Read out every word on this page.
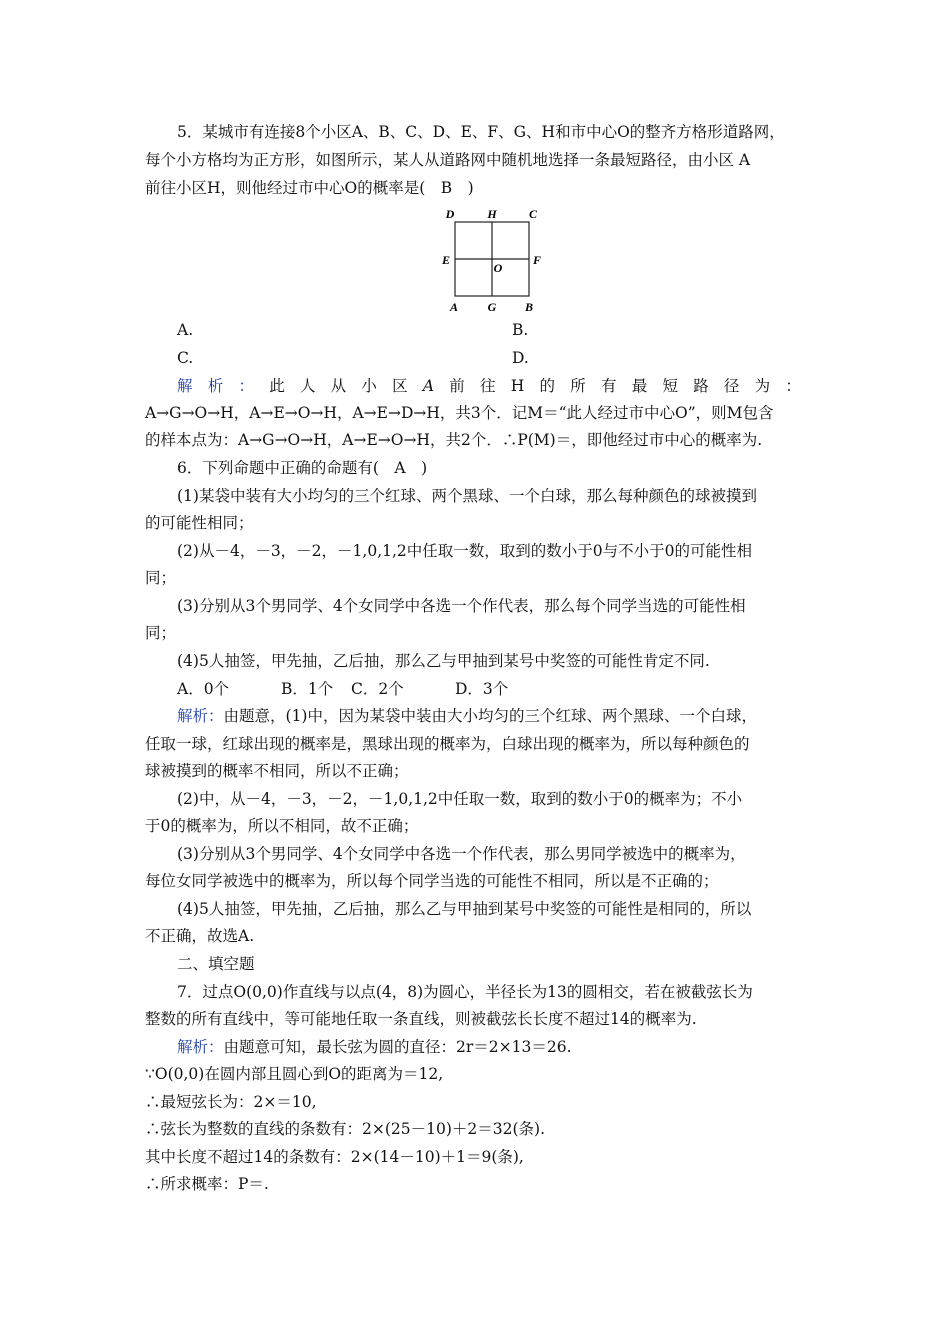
5．某城市有连接8个小区A、B、C、D、E、F、G、H和市中心O的整齐方格形道路网，
每个小方格均为正方形，如图所示，某人从道路网中随机地选择一条最短路径，由小区 A
前往小区H，则他经过市中心O的概率是(　B　)
D	H	C
E
O
F
A G B
A.	B.
C.	D.
解 析 ： 此 人 从 小 区 A 前 往 H 的 所 有 最 短 路 径 为 ：
A→G→O→H，A→E→O→H，A→E→D→H，共3个．记M＝“此人经过市中心O”，则M包含
的样本点为：A→G→O→H，A→E→O→H，共2个．∴P(M)＝，即他经过市中心的概率为.
6．下列命题中正确的命题有(　A　)
(1)某袋中装有大小均匀的三个红球、两个黑球、一个白球，那么每种颜色的球被摸到
的可能性相同；
(2)从－4，－3，－2，－1,0,1,2中任取一数，取到的数小于0与不小于0的可能性相
同；
(3)分别从3个男同学、4个女同学中各选一个作代表，那么每个同学当选的可能性相
同；
(4)5人抽签，甲先抽，乙后抽，那么乙与甲抽到某号中奖签的可能性肯定不同.
A．0个	B．1个 C．2个	D．3个
解析：由题意，(1)中，因为某袋中装由大小均匀的三个红球、两个黑球、一个白球，
任取一球，红球出现的概率是，黑球出现的概率为，白球出现的概率为，所以每种颜色的
球被摸到的概率不相同，所以不正确；
(2)中，从－4，－3，－2，－1,0,1,2中任取一数，取到的数小于0的概率为；不小
于0的概率为，所以不相同，故不正确；
(3)分别从3个男同学、4个女同学中各选一个作代表，那么男同学被选中的概率为，
每位女同学被选中的概率为，所以每个同学当选的可能性不相同，所以是不正确的；
(4)5人抽签，甲先抽，乙后抽，那么乙与甲抽到某号中奖签的可能性是相同的，所以
不正确，故选A.
二、填空题
7．过点O(0,0)作直线与以点(4，8)为圆心，半径长为13的圆相交，若在被截弦长为
整数的所有直线中，等可能地任取一条直线，则被截弦长长度不超过14的概率为.
解析：由题意可知，最长弦为圆的直径：2r＝2×13＝26.
∵O(0,0)在圆内部且圆心到O的距离为＝12,
∴最短弦长为：2×＝10,
∴弦长为整数的直线的条数有：2×(25－10)＋2＝32(条).
其中长度不超过14的条数有：2×(14－10)＋1＝9(条),
∴所求概率：P＝.
